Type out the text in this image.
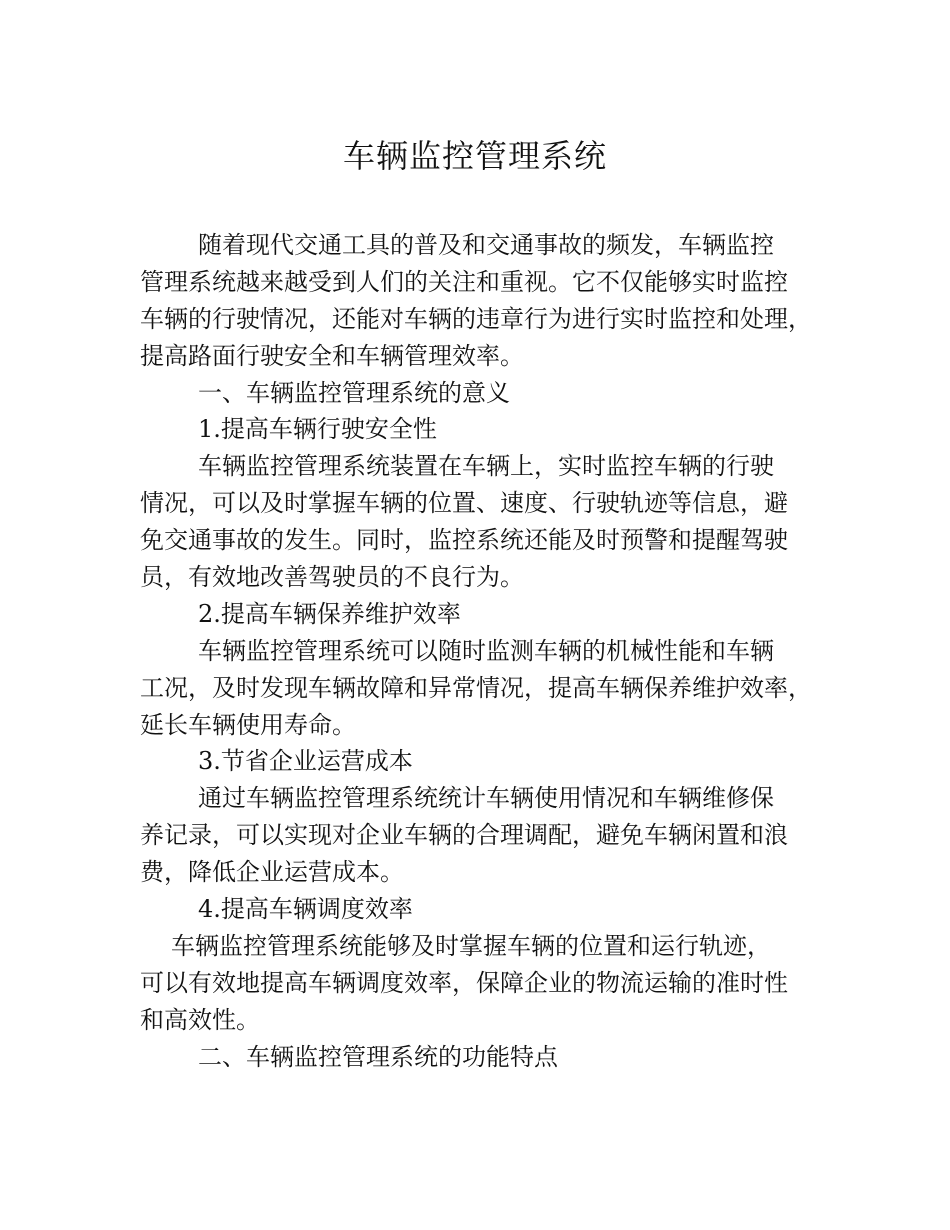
车辆监控管理系统
随着现代交通工具的普及和交通事故的频发，车辆监控
管理系统越来越受到人们的关注和重视。它不仅能够实时监控
车辆的行驶情况，还能对车辆的违章行为进行实时监控和处理，
提高路面行驶安全和车辆管理效率。
一、车辆监控管理系统的意义
1.提高车辆行驶安全性
车辆监控管理系统装置在车辆上，实时监控车辆的行驶
情况，可以及时掌握车辆的位置、速度、行驶轨迹等信息，避
免交通事故的发生。同时，监控系统还能及时预警和提醒驾驶
员，有效地改善驾驶员的不良行为。
2.提高车辆保养维护效率
车辆监控管理系统可以随时监测车辆的机械性能和车辆
工况，及时发现车辆故障和异常情况，提高车辆保养维护效率，
延长车辆使用寿命。
3.节省企业运营成本
通过车辆监控管理系统统计车辆使用情况和车辆维修保
养记录，可以实现对企业车辆的合理调配，避免车辆闲置和浪
费，降低企业运营成本。
4.提高车辆调度效率
车辆监控管理系统能够及时掌握车辆的位置和运行轨迹，
可以有效地提高车辆调度效率，保障企业的物流运输的准时性
和高效性。
二、车辆监控管理系统的功能特点
